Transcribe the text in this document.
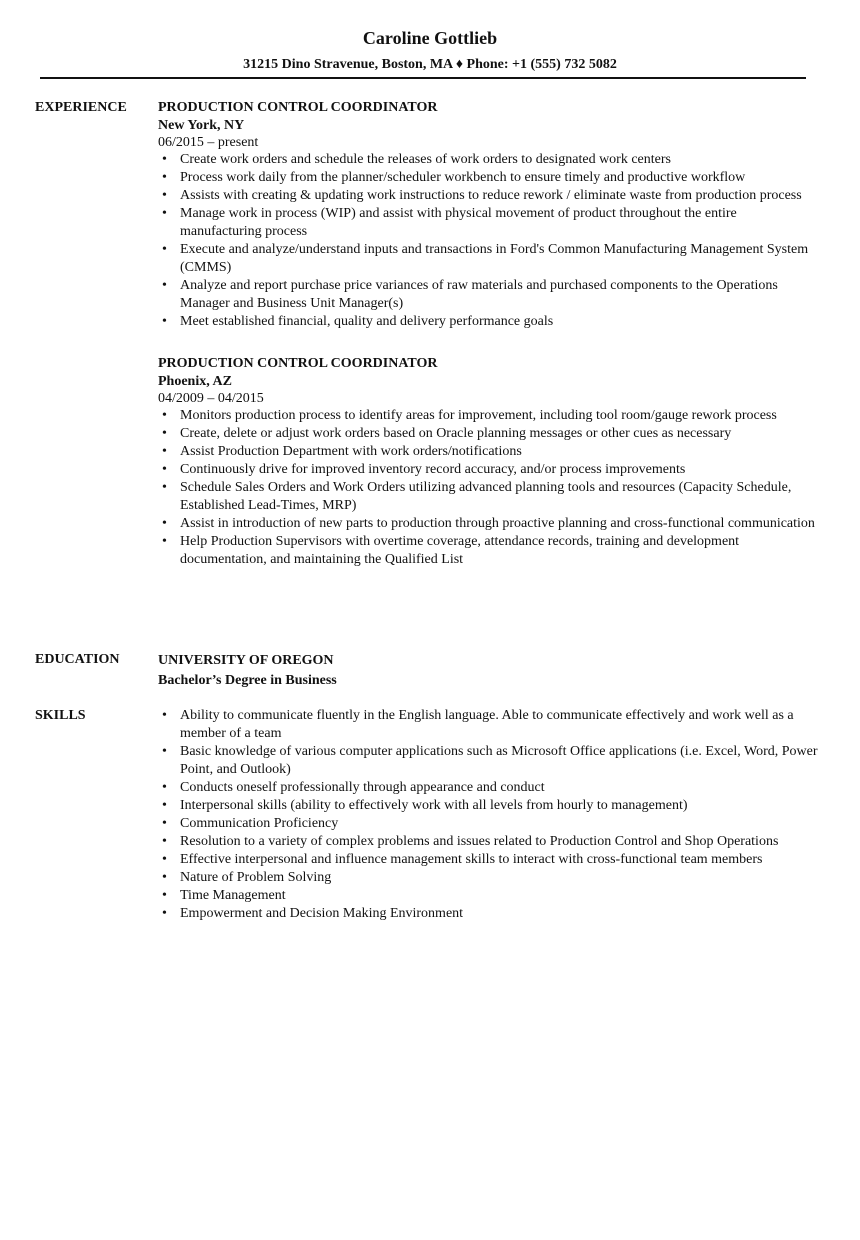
Caroline Gottlieb
31215 Dino Stravenue, Boston, MA ♦ Phone: +1 (555) 732 5082
EXPERIENCE	PRODUCTION CONTROL COORDINATOR
New York, NY
06/2015 – present
• Create work orders and schedule the releases of work orders to designated work centers
• Process work daily from the planner/scheduler workbench to ensure timely and productive workflow
• Assists with creating & updating work instructions to reduce rework / eliminate waste from production process
• Manage work in process (WIP) and assist with physical movement of product throughout the entire manufacturing process
• Execute and analyze/understand inputs and transactions in Ford's Common Manufacturing Management System (CMMS)
• Analyze and report purchase price variances of raw materials and purchased components to the Operations Manager and Business Unit Manager(s)
• Meet established financial, quality and delivery performance goals
PRODUCTION CONTROL COORDINATOR
Phoenix, AZ
04/2009 – 04/2015
• Monitors production process to identify areas for improvement, including tool room/gauge rework process
• Create, delete or adjust work orders based on Oracle planning messages or other cues as necessary
• Assist Production Department with work orders/notifications
• Continuously drive for improved inventory record accuracy, and/or process improvements
• Schedule Sales Orders and Work Orders utilizing advanced planning tools and resources (Capacity Schedule, Established Lead-Times, MRP)
• Assist in introduction of new parts to production through proactive planning and cross-functional communication
• Help Production Supervisors with overtime coverage, attendance records, training and development documentation, and maintaining the Qualified List
EDUCATION	UNIVERSITY OF OREGON
Bachelor’s Degree in Business
SKILLS	• Ability to communicate fluently in the English language. Able to communicate effectively and work well as a member of a team
• Basic knowledge of various computer applications such as Microsoft Office applications (i.e. Excel, Word, Power Point, and Outlook)
• Conducts oneself professionally through appearance and conduct
• Interpersonal skills (ability to effectively work with all levels from hourly to management)
• Communication Proficiency
• Resolution to a variety of complex problems and issues related to Production Control and Shop Operations
• Effective interpersonal and influence management skills to interact with cross-functional team members
• Nature of Problem Solving
• Time Management
• Empowerment and Decision Making Environment
